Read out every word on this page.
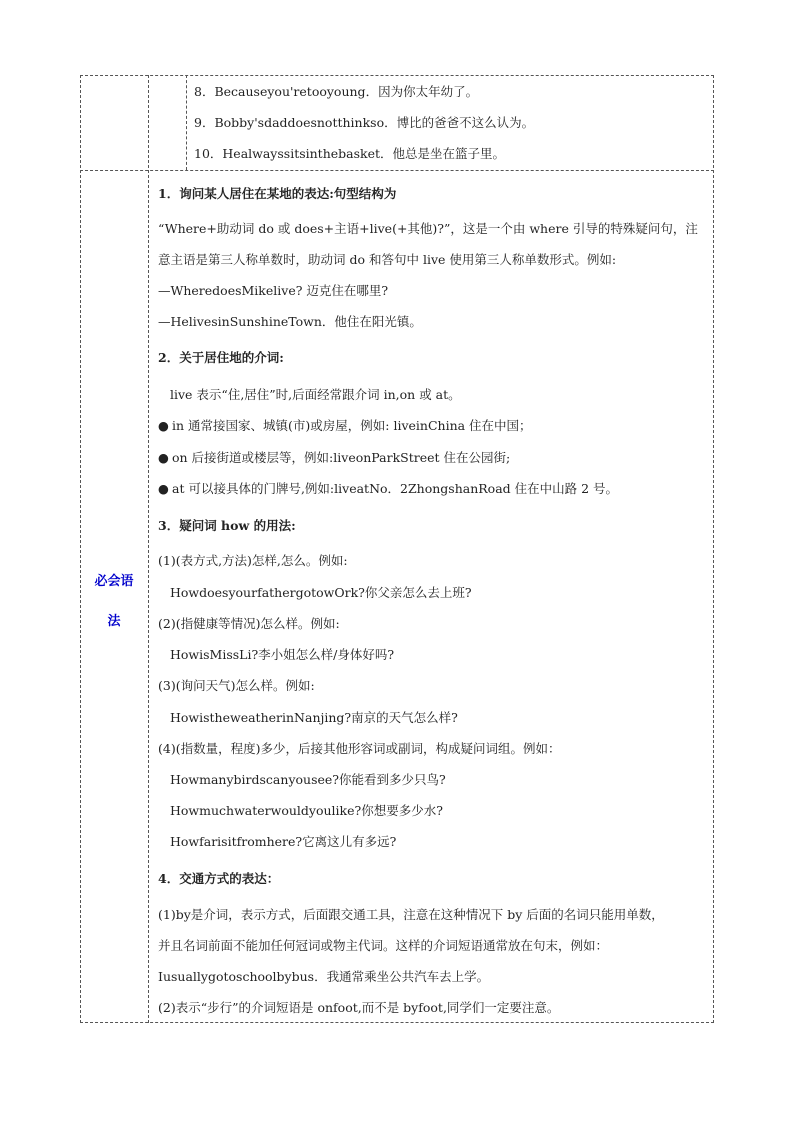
8．Becauseyou'retooyoung．因为你太年幼了。
9．Bobby'sdaddoesnotthinkso．博比的爸爸不这么认为。
10．Healwayssitsinthebasket．他总是坐在篮子里。
必会语
法
1．询问某人居住在某地的表达:句型结构为
“Where+助动词 do 或 does+主语+live(+其他)?”，这是一个由 where 引导的特殊疑问句，注
意主语是第三人称单数时，助动词 do 和答句中 live 使用第三人称单数形式。例如:
—WheredoesMikelive? 迈克住在哪里?
—HelivesinSunshineTown．他住在阳光镇。
2．关于居住地的介词:
live 表示“住,居住”时,后面经常跟介词 in,on 或 at。
● in 通常接国家、城镇(市)或房屋，例如: liveinChina 住在中国；
● on 后接街道或楼层等，例如:liveonParkStreet 住在公园街;
● at 可以接具体的门牌号,例如:liveatNo．2ZhongshanRoad 住在中山路 2 号。
3．疑问词 how 的用法:
(1)(表方式,方法)怎样,怎么。例如:
HowdoesyourfathergotowOrk?你父亲怎么去上班?
(2)(指健康等情况)怎么样。例如:
HowisMissLi?李小姐怎么样/身体好吗?
(3)(询问天气)怎么样。例如:
HowistheweatherinNanjing?南京的天气怎么样?
(4)(指数量，程度)多少，后接其他形容词或副词，构成疑问词组。例如：
Howmanybirdscanyousee?你能看到多少只鸟?
Howmuchwaterwouldyoulike?你想要多少水?
Howfarisitfromhere?它离这儿有多远?
4．交通方式的表达：
(1)by是介词，表示方式，后面跟交通工具，注意在这种情况下 by 后面的名词只能用单数，
并且名词前面不能加任何冠词或物主代词。这样的介词短语通常放在句末，例如：
Iusuallygotoschoolbybus．我通常乘坐公共汽车去上学。
(2)表示“步行”的介词短语是 onfoot,而不是 byfoot,同学们一定要注意。
